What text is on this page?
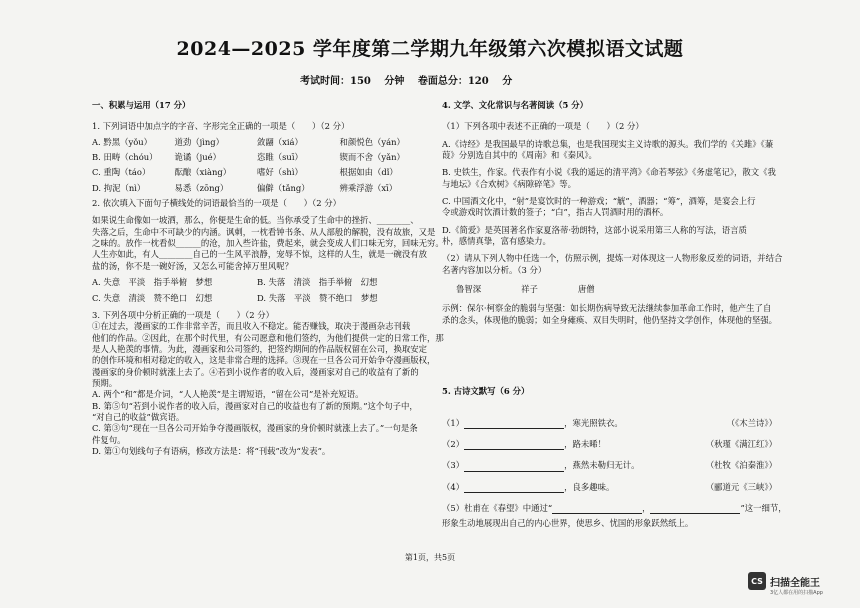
2024—2025 学年度第二学期九年级第六次模拟语文试题
考试时间：150 分钟 卷面总分：120 分
一、积累与运用（17 分）
1. 下列词语中加点字的字音、字形完全正确的一项是（　　）（2 分）
A. 黔黑（yǒu）	道劲（jìng）	敛翮（xiá）	和颜悦色（yán）
B. 田畴（chóu）	诡谲（jué）	恣睢（suī）	锲而不舍（yǎn）
C. 重陶（táo）	酝酿（xiàng）	嗜好（shì）	根据如由（dǐ）
D. 拘泥（nì）	易悉（zōng）	偏僻（tǎng）	辨乘浮游（xī）
2. 依次填入下面句子横线处的词语最恰当的一项是（　　）（2 分）
如果说生命像如一坡洒，那么，你便是生命的低。当你承受了生命中的挫折、________、
失落之后，生命中不可缺少的内涵。讽刺，一枕看钟书条、从人部般的解脱，没有故旅，又是
之味的。放作一枕看似______的沧，加入些许盐，费起来，就会变成人们口味无穷，回味无穷。
人生亦如此，有人________自己的一生风平浪静，宠辱不惊，这样的人生，就是一碗没有放
盐的汤，你不是一碗好汤，又怎么可能舍掉万里风呢？
A. 失意　平淡　指手举俯　梦想	B. 失落　清淡　指手举俯　幻想
C. 失意　清淡　赞不绝口　幻想	D. 失落　平淡　赞不绝口　梦想
3. 下列各项中分析正确的一项是（　　）（2 分）
①在过去，漫画家的工作非常辛苦，而且收入不稳定。能否赚钱，取决于漫画杂志刊载
他们的作品。②因此，在那个时代里，有公司愿意和他们签约，为他们提供一定的日常工作，那
是人人艳羡的事情。为此，漫画家和公司签约，把签约期间的作品版权留在公司，换取安定
的创作环境和相对稳定的收入，这是非常合理的选择。③现在一旦各公司开始争夺漫画版权，
漫画家的身价顿时就涨上去了。④若到小说作者的收入后，漫画家对自己的收益有了新的
预期。
A. 两个“和”都是介词，“人人艳羡”是主谓短语，“留在公司”是补充短语。
B. 第⑤句“若到小说作者的收入后，漫画家对自己的收益也有了新的预期。”这个句子中，
“对自己的收益”做宾语。
C. 第③句“现在一旦各公司开始争夺漫画版权，漫画家的身价顿时就涨上去了。”一句是条
件复句。
D. 第①句划线句子有语病，修改方法是：将“刊载”改为“发表”。
4. 文学、文化常识与名著阅读（5 分）
（1）下列各项中表述不正确的一项是（　　）（2 分）
A.《诗经》是我国最早的诗歌总集，也是我国现实主义诗歌的源头。我们学的《关雎》《蒹
葭》分别选自其中的《周南》和《秦风》。
B. 史铁生，作家。代表作有小说《我的遥远的清平湾》《命若琴弦》《务虚笔记》，散文《我
与地坛》《合欢树》《病隙碎笔》等。
C. 中国酒文化中，“射”是宴饮时的一种游戏；“觥”，酒器；“筹”，酒筹，是宴会上行
令或游戏时饮酒计数的签子；“白”，指古人罚酒时用的酒杯。
D.《简爱》是英国著名作家夏洛蒂·勃朗特，这部小说采用第三人称的写法，语言质
朴，感情真挚，富有感染力。
（2）请从下列人物中任选一个，仿照示例，提炼一对体现这一人物形象反差的词语，并结合
名著内容加以分析。（3 分）
鲁智深	祥子	唐僧
示例：保尔·柯察金的脆弱与坚强：如长期伤病导致无法继续参加革命工作时，他产生了自
杀的念头，体现他的脆弱；如全身瘫痪、双目失明时，他仍坚持文学创作，体现他的坚强。
5. 古诗文默写（6 分）
（1）	，寒光照铁衣。	（《木兰诗》）
（2）	，路未晞！	（秋瑾《满江红》）
（3）	，燕然未勒归无计。	（杜牧《泊秦淮》）
（4）	，良多趣味。	（郦道元《三峡》）
（5）杜甫在《春望》中通过“	，	”这一细节，
形象生动地展现出自己的内心世界，使思乡、忧国的形象跃然纸上。
第1页，共5页
CS 扫描全能王
3亿人都在用的扫描App
